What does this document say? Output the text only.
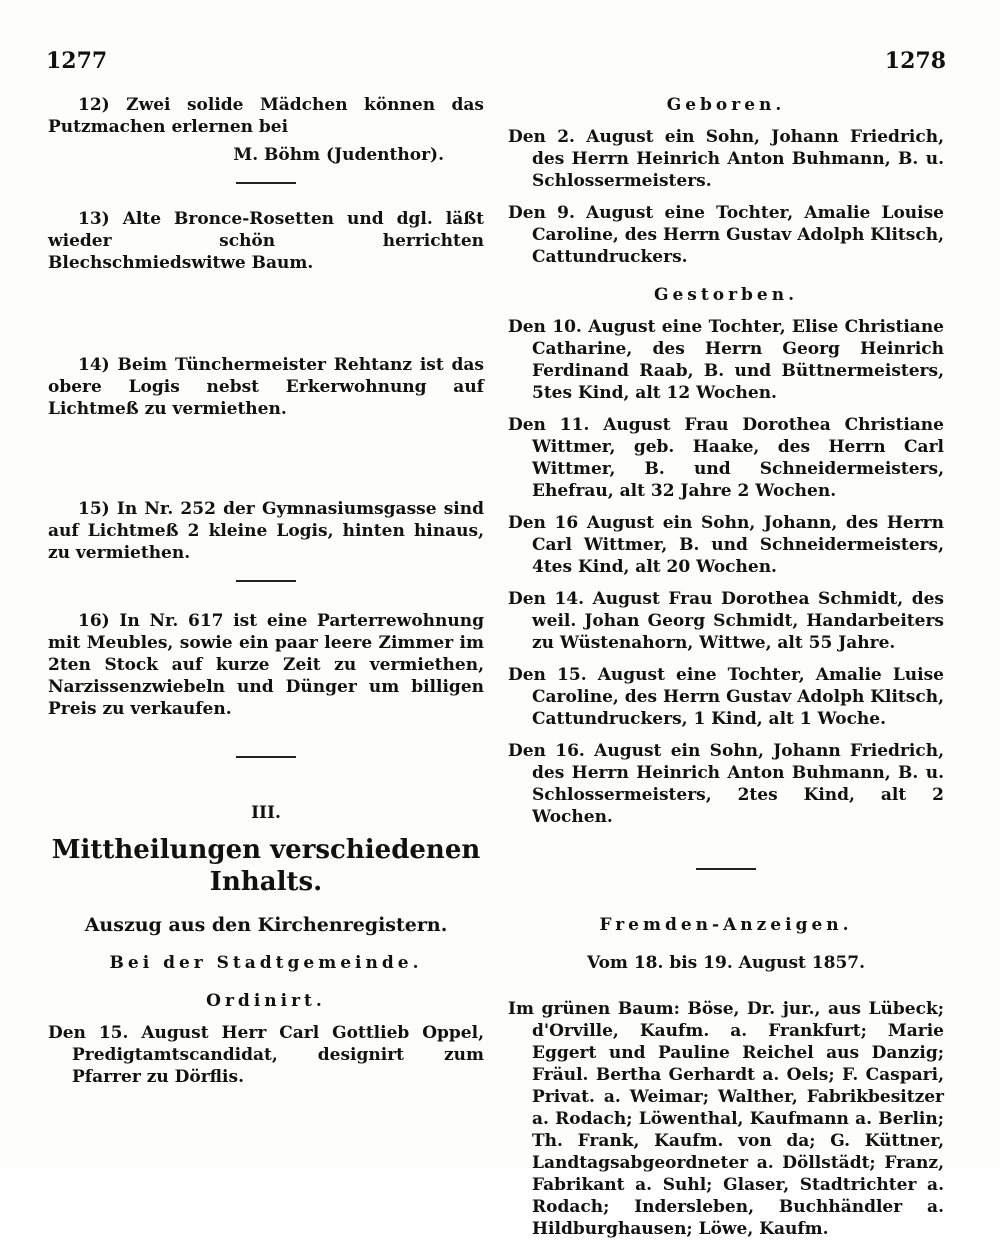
1277	1278

12) Zwei solide Mädchen können das Putzmachen erlernen bei

M. Böhm (Judenthor).

13) Alte Bronce-Rosetten und dgl. läßt wieder schön herrichten Blechschmiedswitwe Baum.

14) Beim Tünchermeister Rehtanz ist das obere Logis nebst Erkerwohnung auf Lichtmeß zu vermiethen.

15) In Nr. 252 der Gymnasiumsgasse sind auf Lichtmeß 2 kleine Logis, hinten hinaus, zu vermiethen.

16) In Nr. 617 ist eine Parterrewohnung mit Meubles, sowie ein paar leere Zimmer im 2ten Stock auf kurze Zeit zu vermiethen, Narzissenzwiebeln und Dünger um billigen Preis zu verkaufen.

III.

Mittheilungen verschiedenen Inhalts.
Auszug aus den Kirchenregistern.

Bei der Stadtgemeinde.

Ordinirt.

Den 15. August Herr Carl Gottlieb Oppel, Predigtamtscandidat, designirt zum Pfarrer zu Dörflis.

Geboren.

Den 2. August ein Sohn, Johann Friedrich, des Herrn Heinrich Anton Buhmann, B. u. Schlossermeisters.

Den 9. August eine Tochter, Amalie Louise Caroline, des Herrn Gustav Adolph Klitsch, Cattundruckers.

Gestorben.

Den 10. August eine Tochter, Elise Christiane Catharine, des Herrn Georg Heinrich Ferdinand Raab, B. und Büttnermeisters, 5tes Kind, alt 12 Wochen.

Den 11. August Frau Dorothea Christiane Wittmer, geb. Haake, des Herrn Carl Wittmer, B. und Schneidermeisters, Ehefrau, alt 32 Jahre 2 Wochen.

Den 16 August ein Sohn, Johann, des Herrn Carl Wittmer, B. und Schneidermeisters, 4tes Kind, alt 20 Wochen.

Den 14. August Frau Dorothea Schmidt, des weil. Johan Georg Schmidt, Handarbeiters zu Wüstenahorn, Wittwe, alt 55 Jahre.

Den 15. August eine Tochter, Amalie Luise Caroline, des Herrn Gustav Adolph Klitsch, Cattundruckers, 1 Kind, alt 1 Woche.

Den 16. August ein Sohn, Johann Friedrich, des Herrn Heinrich Anton Buhmann, B. u. Schlossermeisters, 2tes Kind, alt 2 Wochen.

Fremden-Anzeigen.

Vom 18. bis 19. August 1857.

Im grünen Baum: Böse, Dr. jur., aus Lübeck; d'Orville, Kaufm. a. Frankfurt; Marie Eggert und Pauline Reichel aus Danzig; Fräul. Bertha Gerhardt a. Oels; F. Caspari, Privat. a. Weimar; Walther, Fabrikbesitzer a. Rodach; Löwenthal, Kaufmann a. Berlin; Th. Frank, Kaufm. von da; G. Küttner, Landtagsabgeordneter a. Döllstädt; Franz, Fabrikant a. Suhl; Glaser, Stadtrichter a. Rodach; Indersleben, Buchhändler a. Hildburghausen; Löwe, Kaufm.
